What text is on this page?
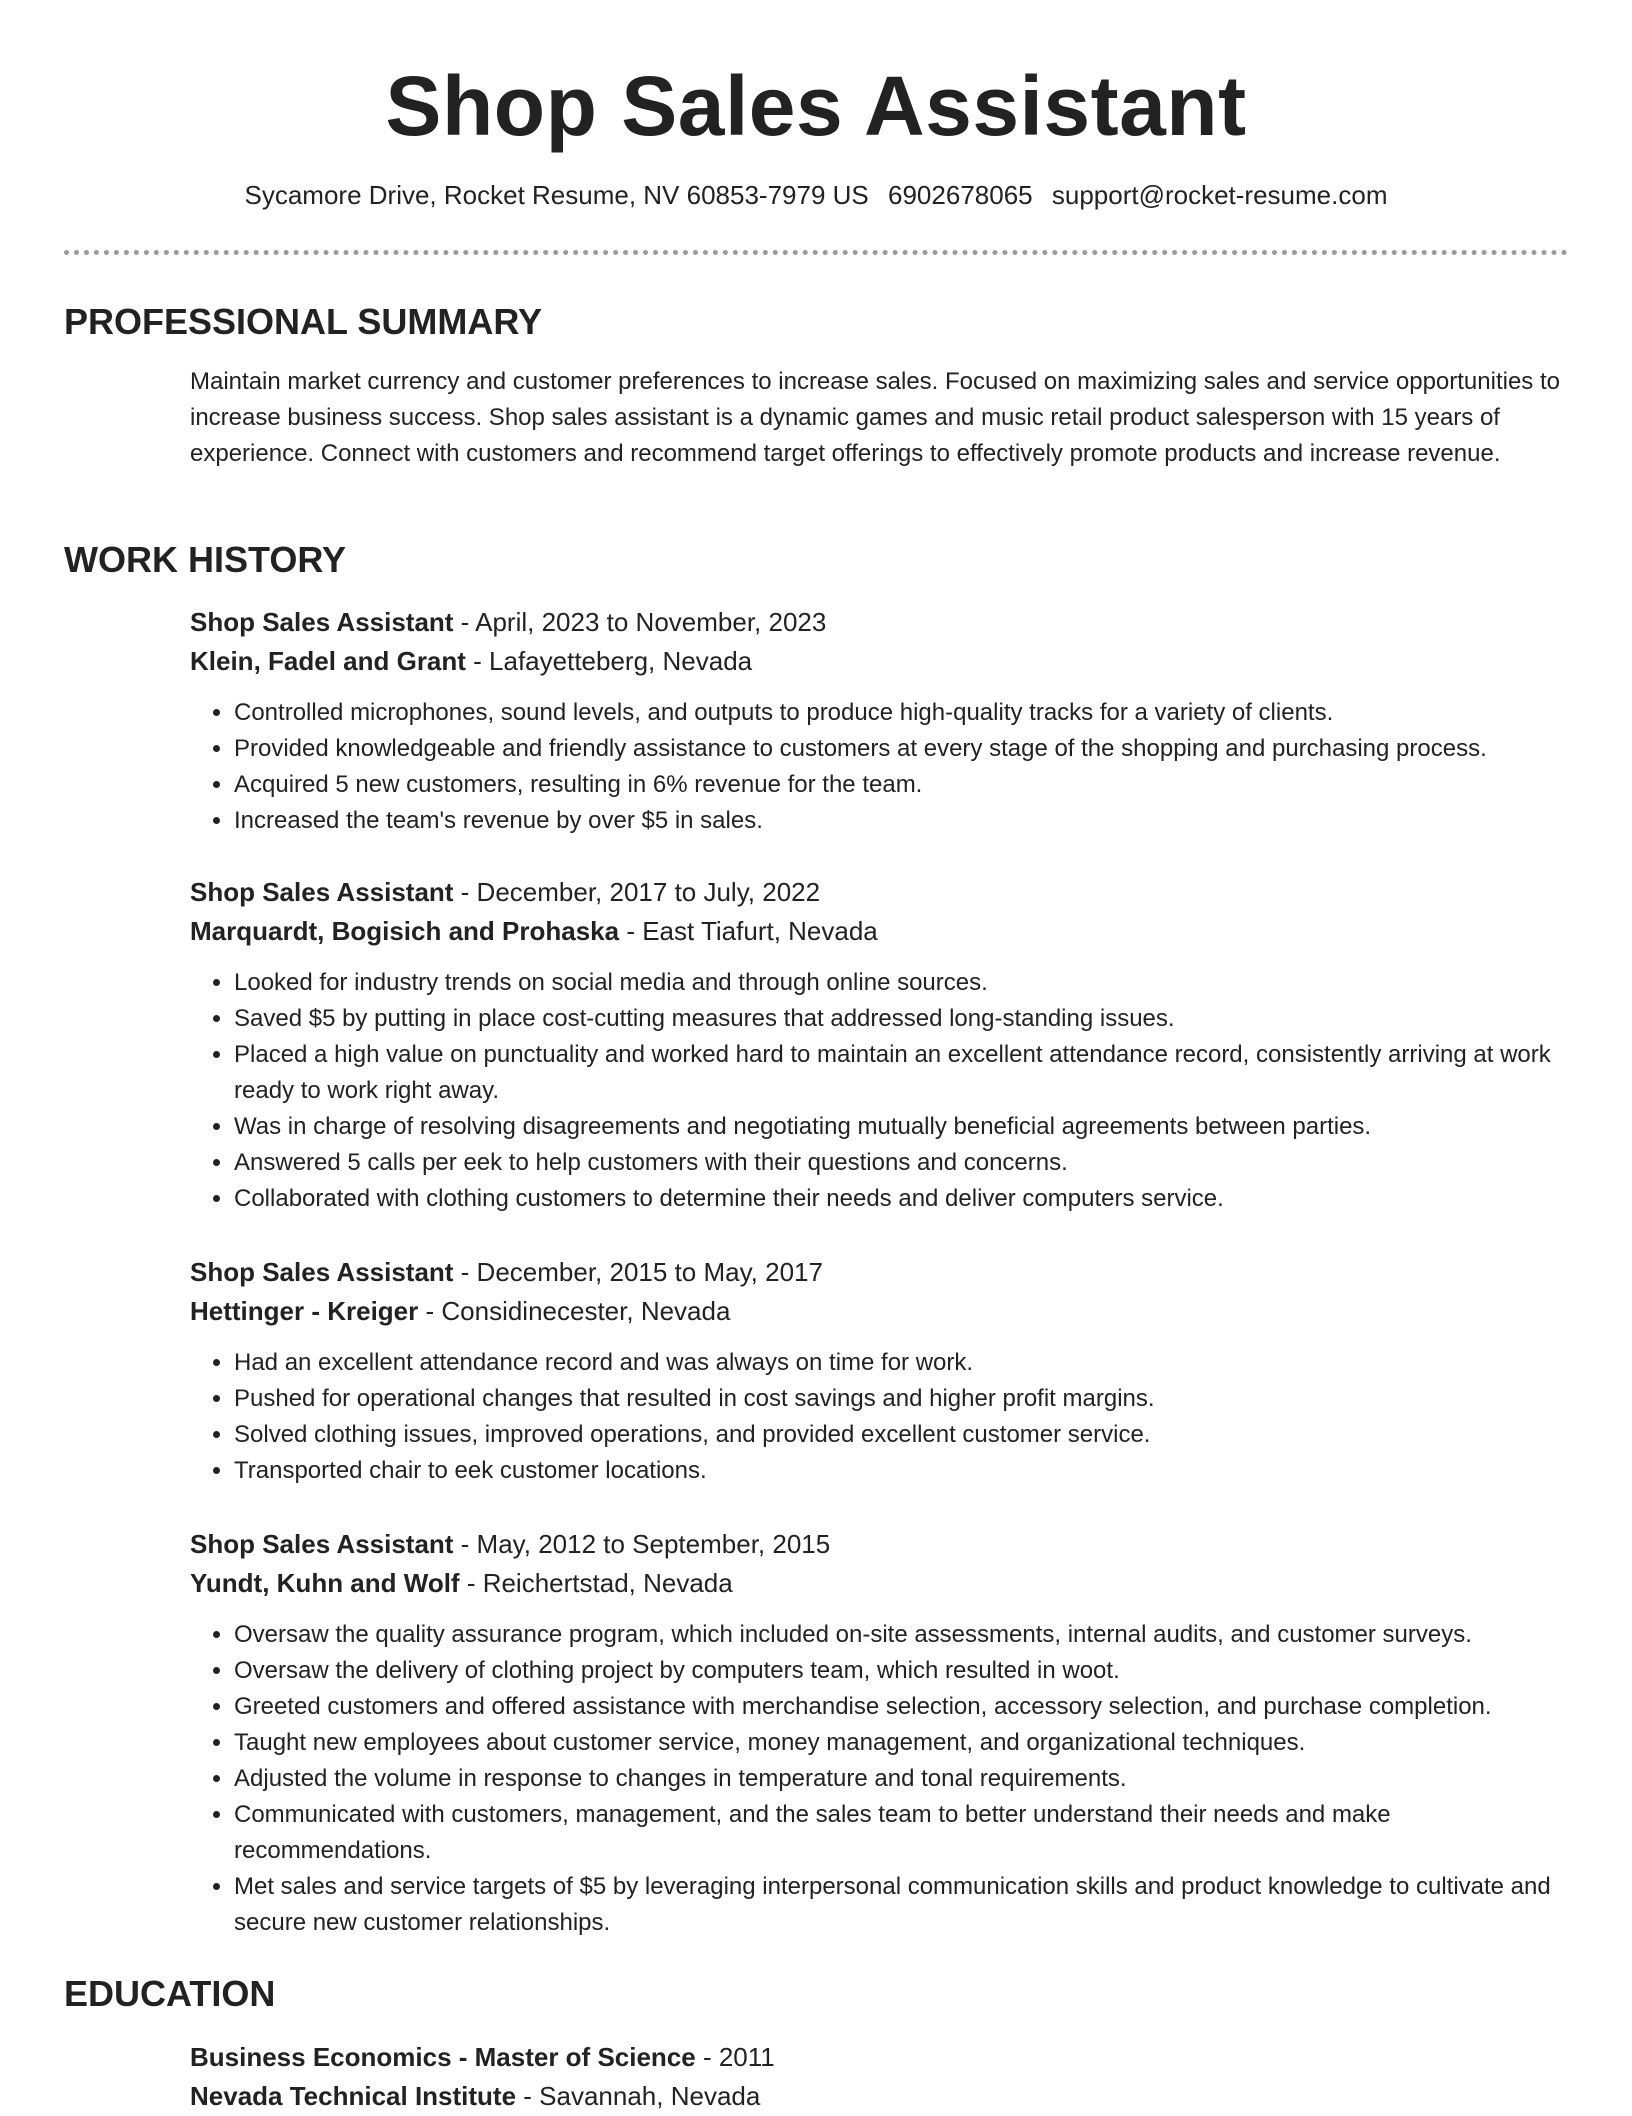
Shop Sales Assistant
Sycamore Drive, Rocket Resume, NV 60853-7979 US 6902678065 support@rocket-resume.com
PROFESSIONAL SUMMARY
Maintain market currency and customer preferences to increase sales. Focused on maximizing sales and service opportunities to increase business success. Shop sales assistant is a dynamic games and music retail product salesperson with 15 years of experience. Connect with customers and recommend target offerings to effectively promote products and increase revenue.
WORK HISTORY
Shop Sales Assistant - April, 2023 to November, 2023
Klein, Fadel and Grant - Lafayetteberg, Nevada
• Controlled microphones, sound levels, and outputs to produce high-quality tracks for a variety of clients.
• Provided knowledgeable and friendly assistance to customers at every stage of the shopping and purchasing process.
• Acquired 5 new customers, resulting in 6% revenue for the team.
• Increased the team's revenue by over $5 in sales.
Shop Sales Assistant - December, 2017 to July, 2022
Marquardt, Bogisich and Prohaska - East Tiafurt, Nevada
• Looked for industry trends on social media and through online sources.
• Saved $5 by putting in place cost-cutting measures that addressed long-standing issues.
• Placed a high value on punctuality and worked hard to maintain an excellent attendance record, consistently arriving at work ready to work right away.
• Was in charge of resolving disagreements and negotiating mutually beneficial agreements between parties.
• Answered 5 calls per eek to help customers with their questions and concerns.
• Collaborated with clothing customers to determine their needs and deliver computers service.
Shop Sales Assistant - December, 2015 to May, 2017
Hettinger - Kreiger - Considinecester, Nevada
• Had an excellent attendance record and was always on time for work.
• Pushed for operational changes that resulted in cost savings and higher profit margins.
• Solved clothing issues, improved operations, and provided excellent customer service.
• Transported chair to eek customer locations.
Shop Sales Assistant - May, 2012 to September, 2015
Yundt, Kuhn and Wolf - Reichertstad, Nevada
• Oversaw the quality assurance program, which included on-site assessments, internal audits, and customer surveys.
• Oversaw the delivery of clothing project by computers team, which resulted in woot.
• Greeted customers and offered assistance with merchandise selection, accessory selection, and purchase completion.
• Taught new employees about customer service, money management, and organizational techniques.
• Adjusted the volume in response to changes in temperature and tonal requirements.
• Communicated with customers, management, and the sales team to better understand their needs and make recommendations.
• Met sales and service targets of $5 by leveraging interpersonal communication skills and product knowledge to cultivate and secure new customer relationships.
EDUCATION
Business Economics - Master of Science - 2011
Nevada Technical Institute - Savannah, Nevada
